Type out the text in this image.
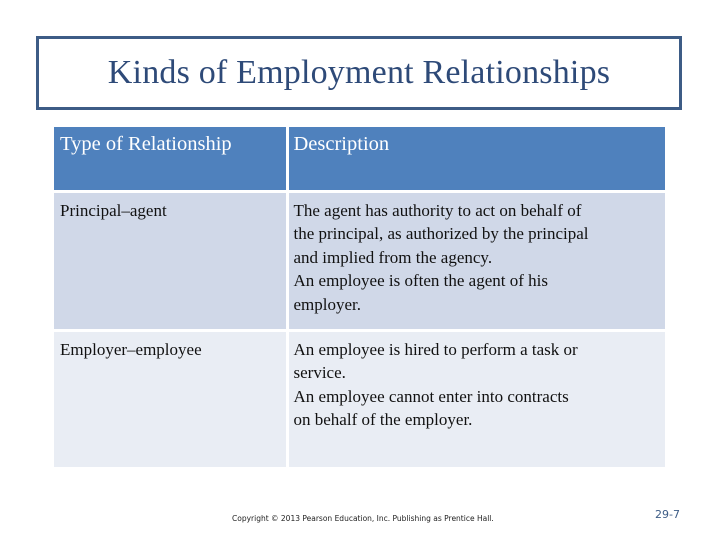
Kinds of Employment Relationships
Type of Relationship	Description
Principal–agent	The agent has authority to act on behalf of
the principal, as authorized by the principal
and implied from the agency.
An employee is often the agent of his
employer.

Employer–employee	An employee is hired to perform a task or
service.
An employee cannot enter into contracts
on behalf of the employer.
Copyright © 2013 Pearson Education, Inc. Publishing as Prentice Hall.	29-7
